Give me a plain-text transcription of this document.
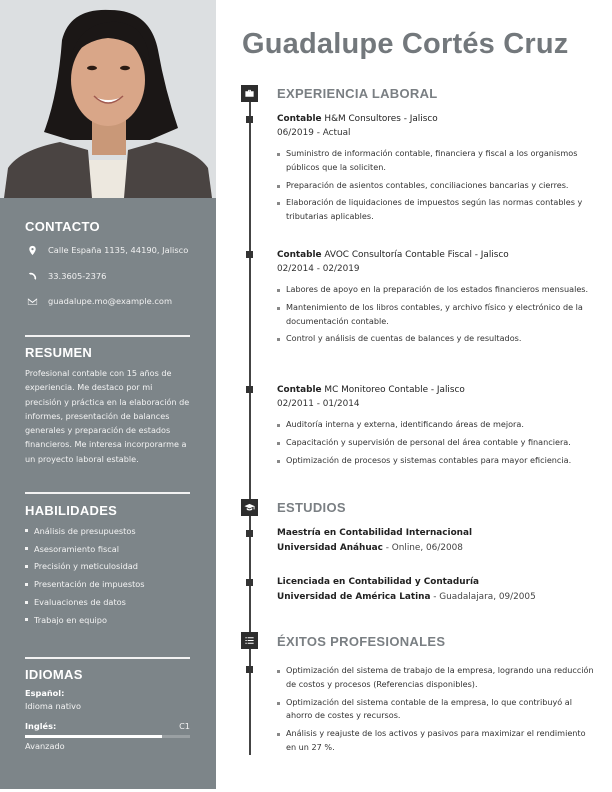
CONTACTO
Calle España 1135, 44190, Jalisco
33.3605-2376
guadalupe.mo@example.com
RESUMEN

Profesional contable con 15 años de experiencia. Me destaco por mi precisión y práctica en la elaboración de informes, presentación de balances generales y preparación de estados financieros. Me interesa incorporarme a un proyecto laboral estable.

HABILIDADES
Análisis de presupuestos
Asesoramiento fiscal
Precisión y meticulosidad
Presentación de impuestos
Evaluaciones de datos
Trabajo en equipo
IDIOMAS
Español:
Idioma nativo
Inglés:	C1
Avanzado
Guadalupe Cortés Cruz
EXPERIENCIA LABORAL
Contable H&M Consultores - Jalisco
06/2019 - Actual
Suministro de información contable, financiera y fiscal a los organismos públicos que la soliciten.
Preparación de asientos contables, conciliaciones bancarias y cierres.
Elaboración de liquidaciones de impuestos según las normas contables y tributarias aplicables.
Contable AVOC Consultoría Contable Fiscal - Jalisco
02/2014 - 02/2019
Labores de apoyo en la preparación de los estados financieros mensuales.
Mantenimiento de los libros contables, y archivo físico y electrónico de la documentación contable.
Control y análisis de cuentas de balances y de resultados.
Contable MC Monitoreo Contable - Jalisco
02/2011 - 01/2014
Auditoría interna y externa, identificando áreas de mejora.
Capacitación y supervisión de personal del área contable y financiera.
Optimización de procesos y sistemas contables para mayor eficiencia.
ESTUDIOS
Maestría en Contabilidad Internacional
Universidad Anáhuac - Online, 06/2008
Licenciada en Contabilidad y Contaduría
Universidad de América Latina - Guadalajara, 09/2005
ÉXITOS PROFESIONALES
Optimización del sistema de trabajo de la empresa, logrando una reducción de costos y procesos (Referencias disponibles).
Optimización del sistema contable de la empresa, lo que contribuyó al ahorro de costes y recursos.
Análisis y reajuste de los activos y pasivos para maximizar el rendimiento en un 27 %.
